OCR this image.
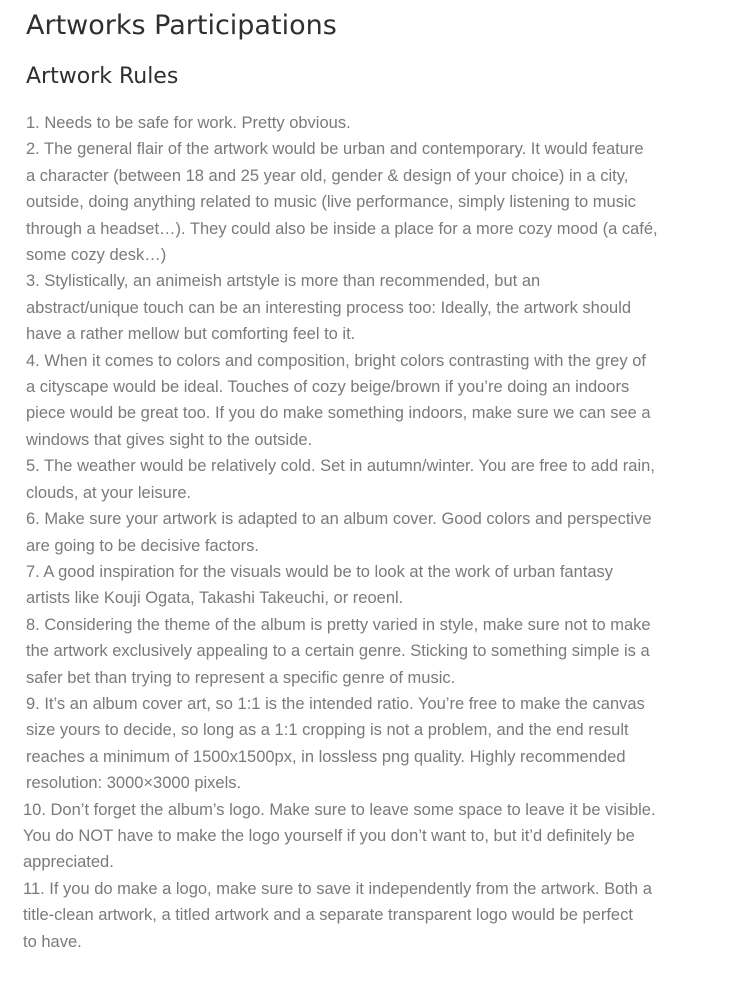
Artworks Participations
Artwork Rules
1. Needs to be safe for work. Pretty obvious.
2. The general flair of the artwork would be urban and contemporary. It would feature
a character (between 18 and 25 year old, gender & design of your choice) in a city,
outside, doing anything related to music (live performance, simply listening to music
through a headset…). They could also be inside a place for a more cozy mood (a café,
some cozy desk…)
3. Stylistically, an animeish artstyle is more than recommended, but an
abstract/unique touch can be an interesting process too: Ideally, the artwork should
have a rather mellow but comforting feel to it.
4. When it comes to colors and composition, bright colors contrasting with the grey of
a cityscape would be ideal. Touches of cozy beige/brown if you’re doing an indoors
piece would be great too. If you do make something indoors, make sure we can see a
windows that gives sight to the outside.
5. The weather would be relatively cold. Set in autumn/winter. You are free to add rain,
clouds, at your leisure.
6. Make sure your artwork is adapted to an album cover. Good colors and perspective
are going to be decisive factors.
7. A good inspiration for the visuals would be to look at the work of urban fantasy
artists like Kouji Ogata, Takashi Takeuchi, or reoenl.
8. Considering the theme of the album is pretty varied in style, make sure not to make
the artwork exclusively appealing to a certain genre. Sticking to something simple is a
safer bet than trying to represent a specific genre of music.
9. It’s an album cover art, so 1:1 is the intended ratio. You’re free to make the canvas
size yours to decide, so long as a 1:1 cropping is not a problem, and the end result
reaches a minimum of 1500x1500px, in lossless png quality. Highly recommended
resolution: 3000×3000 pixels.
10. Don’t forget the album’s logo. Make sure to leave some space to leave it be visible.
You do NOT have to make the logo yourself if you don’t want to, but it’d definitely be
appreciated.
11. If you do make a logo, make sure to save it independently from the artwork. Both a
title-clean artwork, a titled artwork and a separate transparent logo would be perfect
to have.
